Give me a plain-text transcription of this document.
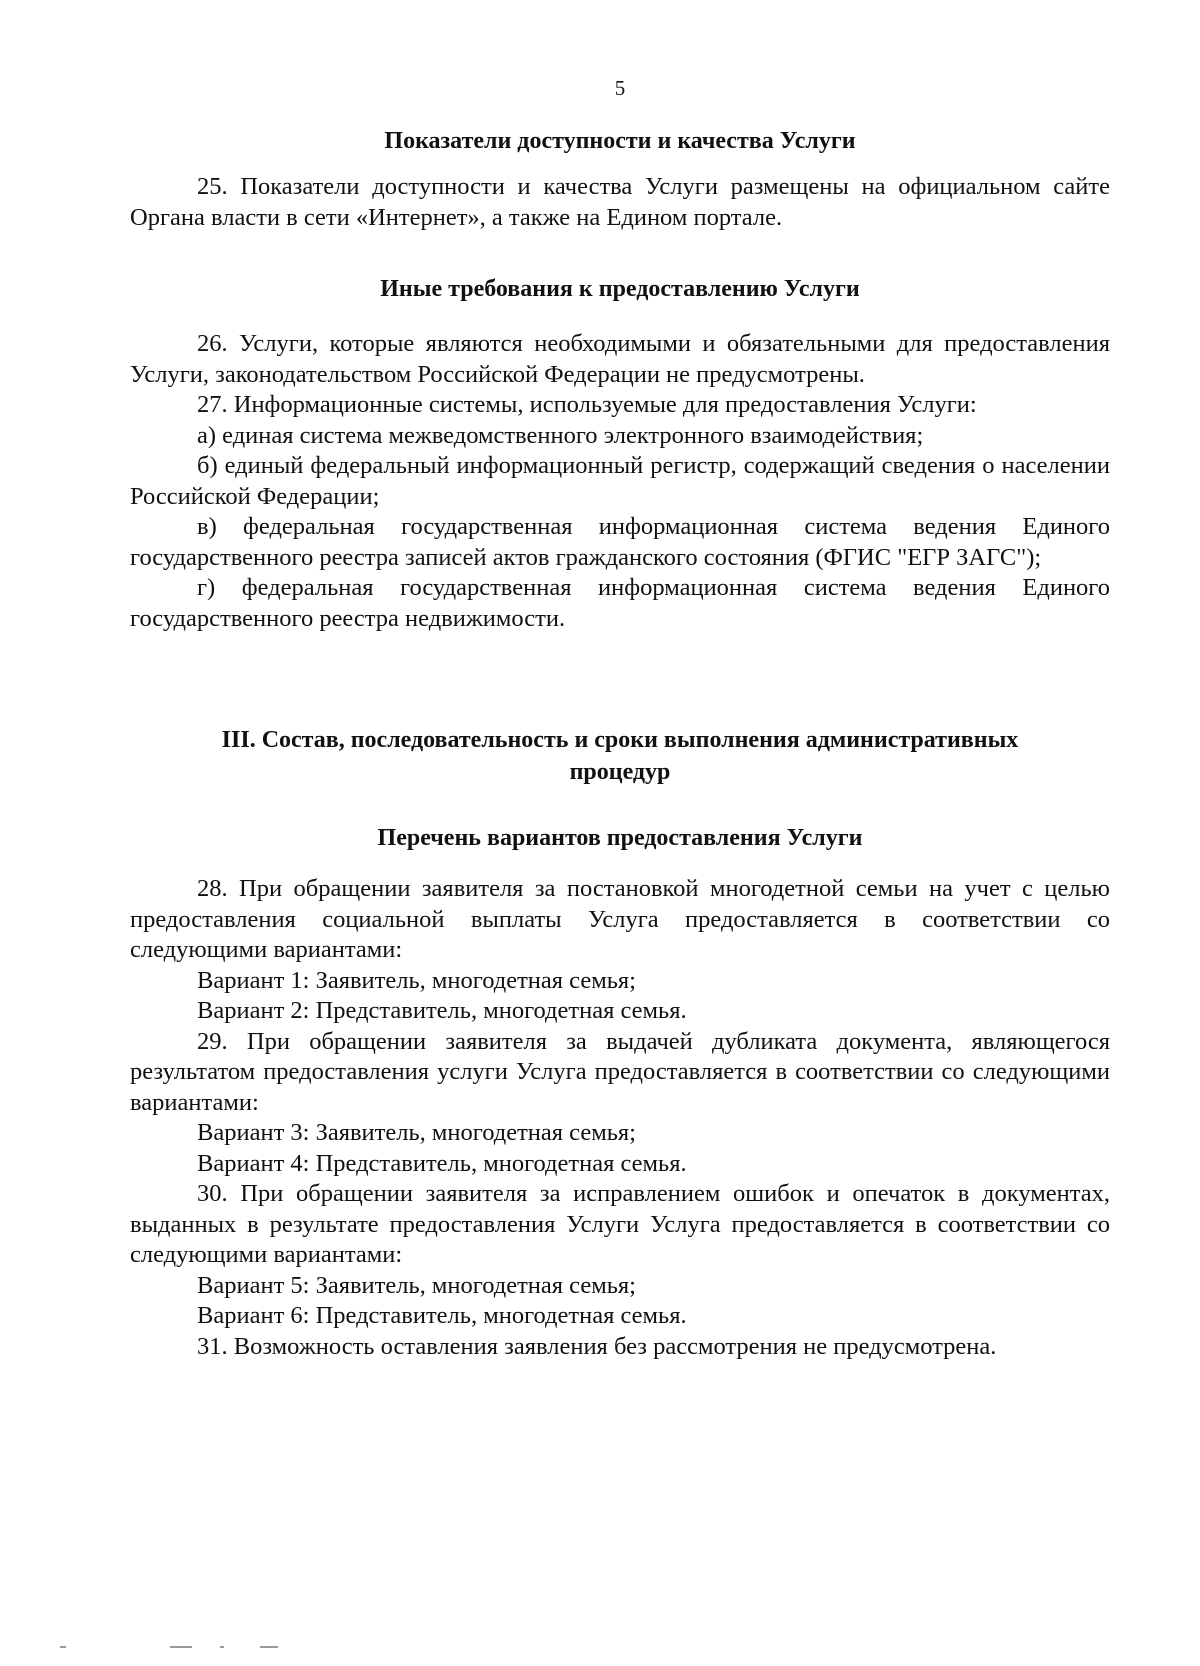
5
Показатели доступности и качества Услуги

25. Показатели доступности и качества Услуги размещены на официальном сайте Органа власти в сети «Интернет», а также на Едином портале.

Иные требования к предоставлению Услуги

26. Услуги, которые являются необходимыми и обязательными для предоставления Услуги, законодательством Российской Федерации не предусмотрены.

27. Информационные системы, используемые для предоставления Услуги:

а) единая система межведомственного электронного взаимодействия;

б) единый федеральный информационный регистр, содержащий сведения о населении Российской Федерации;

в) федеральная государственная информационная система ведения Единого государственного реестра записей актов гражданского состояния (ФГИС "ЕГР ЗАГС");

г) федеральная государственная информационная система ведения Единого государственного реестра недвижимости.

III. Состав, последовательность и сроки выполнения административных
процедур
Перечень вариантов предоставления Услуги

28. При обращении заявителя за постановкой многодетной семьи на учет с целью предоставления социальной выплаты Услуга предоставляется в соответствии со следующими вариантами:

Вариант 1: Заявитель, многодетная семья;

Вариант 2: Представитель, многодетная семья.

29. При обращении заявителя за выдачей дубликата документа, являющегося результатом предоставления услуги Услуга предоставляется в соответствии со следующими вариантами:

Вариант 3: Заявитель, многодетная семья;

Вариант 4: Представитель, многодетная семья.

30. При обращении заявителя за исправлением ошибок и опечаток в документах, выданных в результате предоставления Услуги Услуга предоставляется в соответствии со следующими вариантами:

Вариант 5: Заявитель, многодетная семья;

Вариант 6: Представитель, многодетная семья.

31. Возможность оставления заявления без рассмотрения не предусмотрена.
